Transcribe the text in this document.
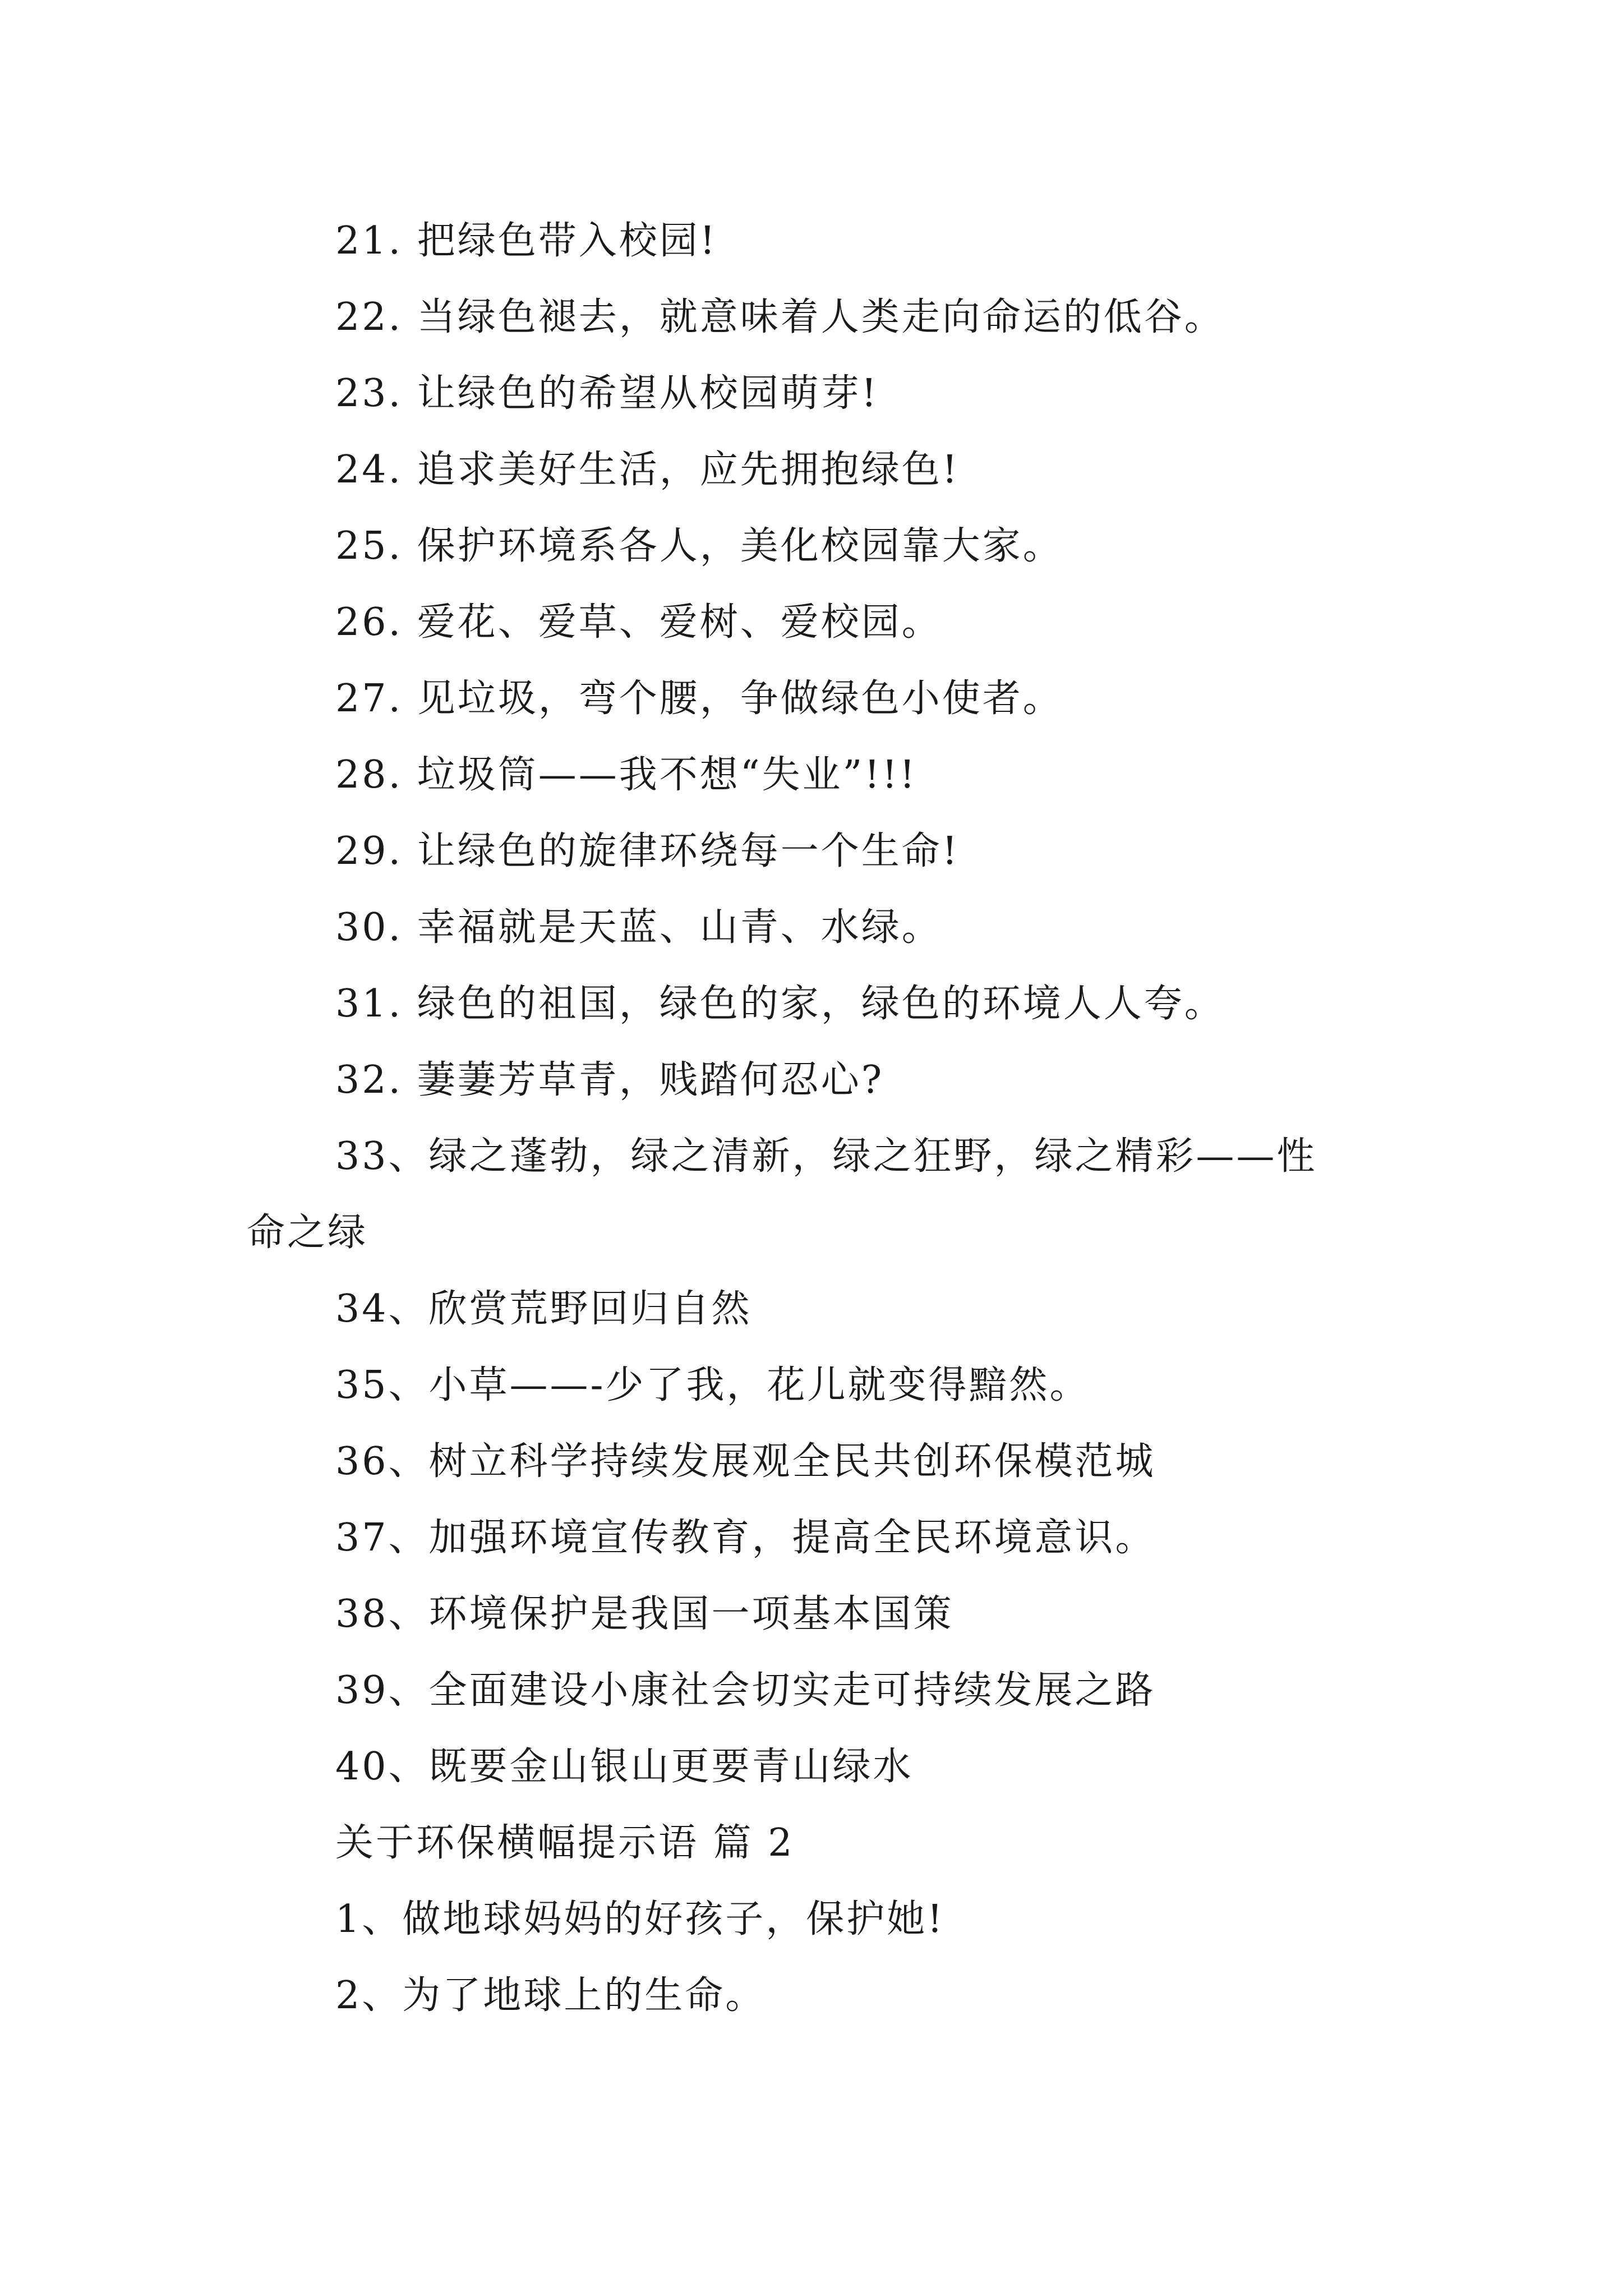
21. 把绿色带入校园!
22. 当绿色褪去，就意味着人类走向命运的低谷。
23. 让绿色的希望从校园萌芽!
24. 追求美好生活，应先拥抱绿色!
25. 保护环境系各人，美化校园靠大家。
26. 爱花、爱草、爱树、爱校园。
27. 见垃圾，弯个腰，争做绿色小使者。
28. 垃圾筒——我不想“失业”!!!
29. 让绿色的旋律环绕每一个生命!
30. 幸福就是天蓝、山青、水绿。
31. 绿色的祖国，绿色的家，绿色的环境人人夸。
32. 萋萋芳草青，贱踏何忍心?
33、绿之蓬勃，绿之清新，绿之狂野，绿之精彩——性
命之绿
34、欣赏荒野回归自然
35、小草——-少了我，花儿就变得黯然。
36、树立科学持续发展观全民共创环保模范城
37、加强环境宣传教育，提高全民环境意识。
38、环境保护是我国一项基本国策
39、全面建设小康社会切实走可持续发展之路
40、既要金山银山更要青山绿水
关于环保横幅提示语 篇 2
1、做地球妈妈的好孩子，保护她!
2、为了地球上的生命。
